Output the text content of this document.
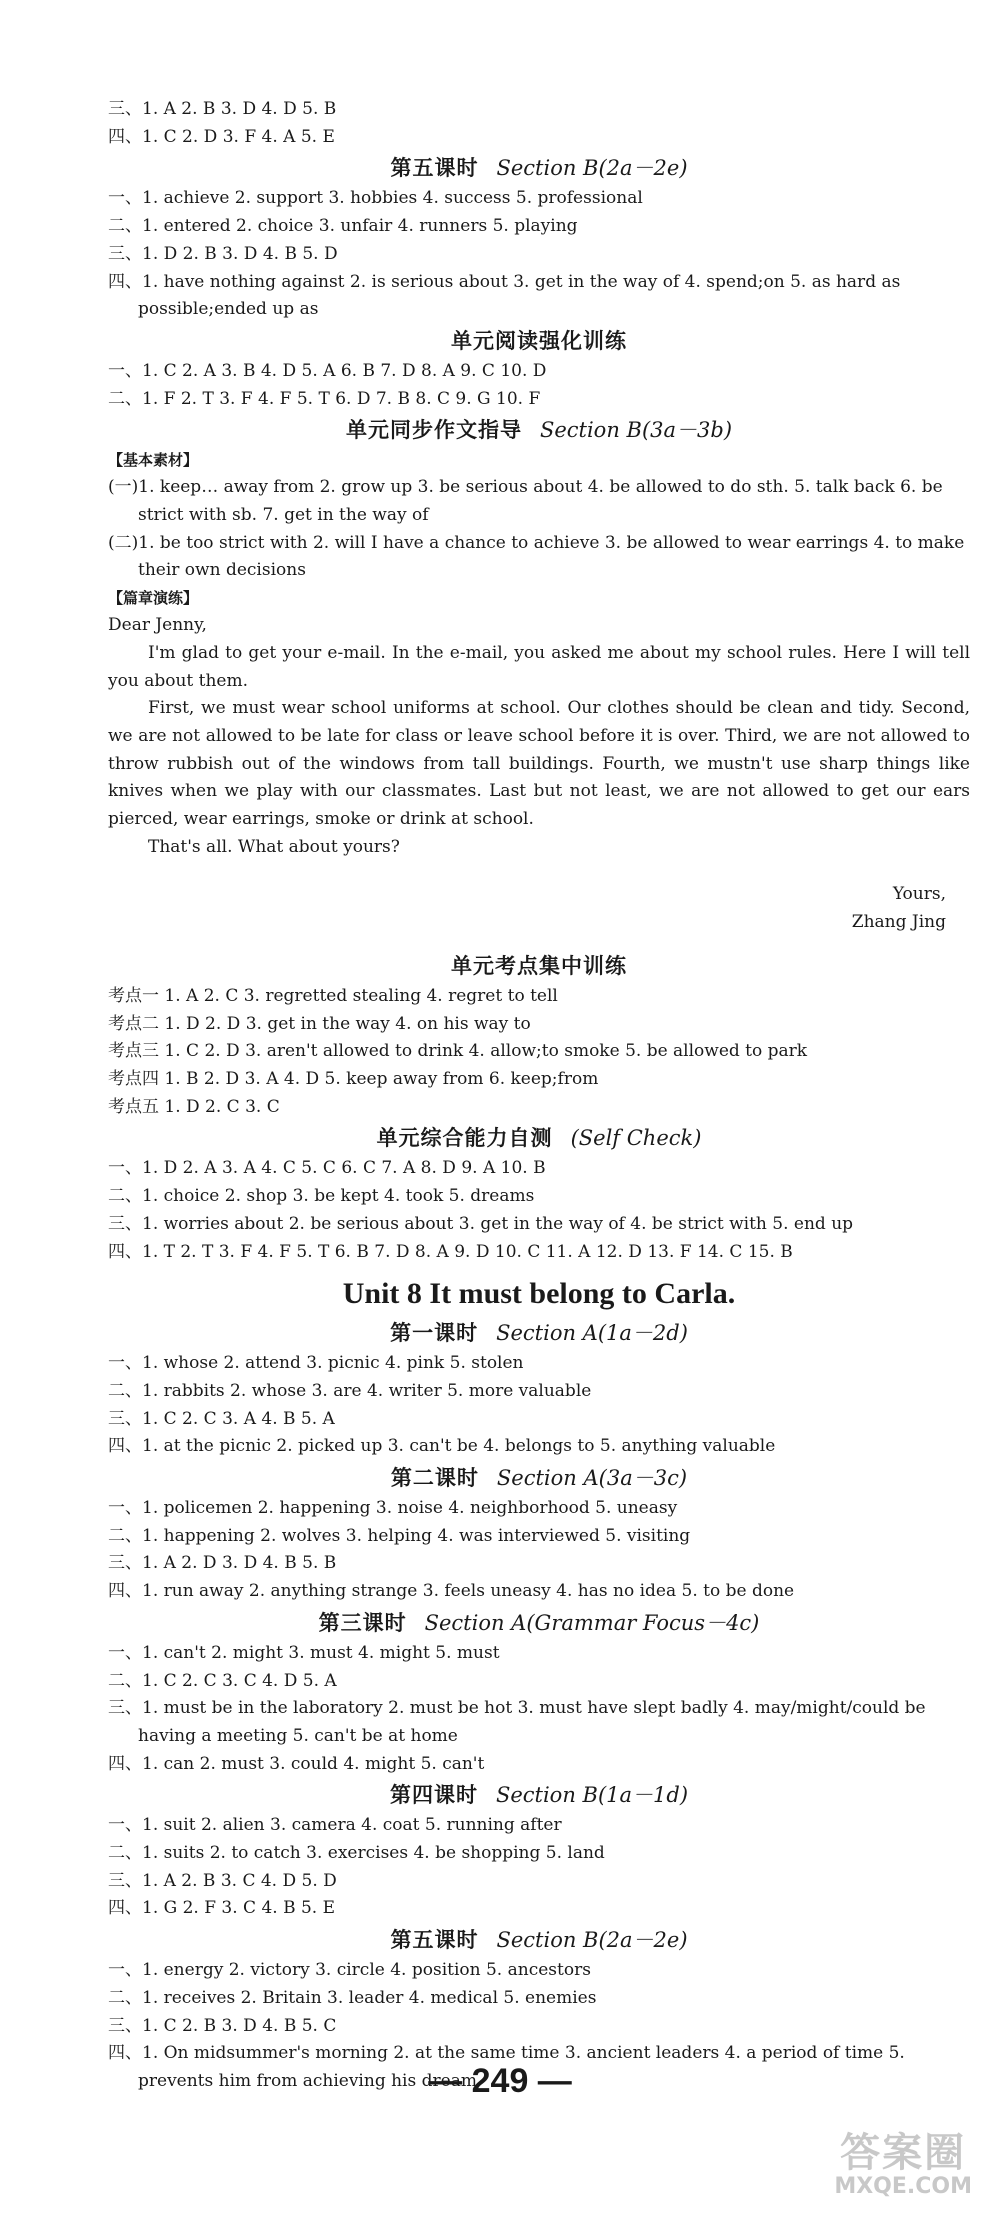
三、1. A 2. B 3. D 4. D 5. B
四、1. C 2. D 3. F 4. A 5. E
第五课时 Section B(2a－2e)
一、1. achieve 2. support 3. hobbies 4. success 5. professional
二、1. entered 2. choice 3. unfair 4. runners 5. playing
三、1. D 2. B 3. D 4. B 5. D
四、1. have nothing against 2. is serious about 3. get in the way of 4. spend;on 5. as hard as possible;ended up as
单元阅读强化训练
一、1. C 2. A 3. B 4. D 5. A 6. B 7. D 8. A 9. C 10. D
二、1. F 2. T 3. F 4. F 5. T 6. D 7. B 8. C 9. G 10. F
单元同步作文指导 Section B(3a－3b)
【基本素材】
(一)1. keep… away from 2. grow up 3. be serious about 4. be allowed to do sth. 5. talk back 6. be strict with sb. 7. get in the way of
(二)1. be too strict with 2. will I have a chance to achieve 3. be allowed to wear earrings 4. to make their own decisions
【篇章演练】
Dear Jenny,
I'm glad to get your e-mail. In the e-mail, you asked me about my school rules. Here I will tell you about them.
First, we must wear school uniforms at school. Our clothes should be clean and tidy. Second, we are not allowed to be late for class or leave school before it is over. Third, we are not allowed to throw rubbish out of the windows from tall buildings. Fourth, we mustn't use sharp things like knives when we play with our classmates. Last but not least, we are not allowed to get our ears pierced, wear earrings, smoke or drink at school.
That's all. What about yours?
Yours,
Zhang Jing
单元考点集中训练
考点一 1. A 2. C 3. regretted stealing 4. regret to tell
考点二 1. D 2. D 3. get in the way 4. on his way to
考点三 1. C 2. D 3. aren't allowed to drink 4. allow;to smoke 5. be allowed to park
考点四 1. B 2. D 3. A 4. D 5. keep away from 6. keep;from
考点五 1. D 2. C 3. C
单元综合能力自测 (Self Check)
一、1. D 2. A 3. A 4. C 5. C 6. C 7. A 8. D 9. A 10. B
二、1. choice 2. shop 3. be kept 4. took 5. dreams
三、1. worries about 2. be serious about 3. get in the way of 4. be strict with 5. end up
四、1. T 2. T 3. F 4. F 5. T 6. B 7. D 8. A 9. D 10. C 11. A 12. D 13. F 14. C 15. B
Unit 8 It must belong to Carla.
第一课时 Section A(1a－2d)
一、1. whose 2. attend 3. picnic 4. pink 5. stolen
二、1. rabbits 2. whose 3. are 4. writer 5. more valuable
三、1. C 2. C 3. A 4. B 5. A
四、1. at the picnic 2. picked up 3. can't be 4. belongs to 5. anything valuable
第二课时 Section A(3a－3c)
一、1. policemen 2. happening 3. noise 4. neighborhood 5. uneasy
二、1. happening 2. wolves 3. helping 4. was interviewed 5. visiting
三、1. A 2. D 3. D 4. B 5. B
四、1. run away 2. anything strange 3. feels uneasy 4. has no idea 5. to be done
第三课时 Section A(Grammar Focus－4c)
一、1. can't 2. might 3. must 4. might 5. must
二、1. C 2. C 3. C 4. D 5. A
三、1. must be in the laboratory 2. must be hot 3. must have slept badly 4. may/might/could be having a meeting 5. can't be at home
四、1. can 2. must 3. could 4. might 5. can't
第四课时 Section B(1a－1d)
一、1. suit 2. alien 3. camera 4. coat 5. running after
二、1. suits 2. to catch 3. exercises 4. be shopping 5. land
三、1. A 2. B 3. C 4. D 5. D
四、1. G 2. F 3. C 4. B 5. E
第五课时 Section B(2a－2e)
一、1. energy 2. victory 3. circle 4. position 5. ancestors
二、1. receives 2. Britain 3. leader 4. medical 5. enemies
三、1. C 2. B 3. D 4. B 5. C
四、1. On midsummer's morning 2. at the same time 3. ancient leaders 4. a period of time 5. prevents him from achieving his dream
— 249 —
答案圈
MXQE.COM
